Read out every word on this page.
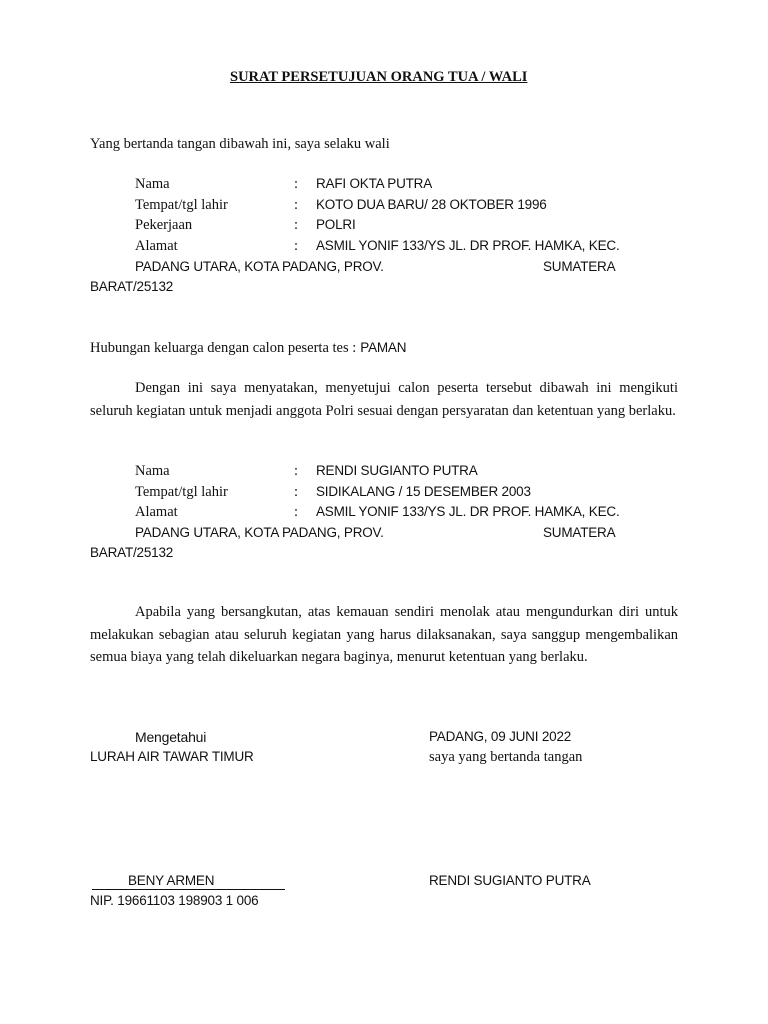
SURAT PERSETUJUAN ORANG TUA / WALI
Yang bertanda tangan dibawah ini, saya selaku wali
Nama	: RAFI OKTA PUTRA
Tempat/tgl lahir	: KOTO DUA BARU/ 28 OKTOBER 1996
Pekerjaan	: POLRI
Alamat	: ASMIL YONIF 133/YS JL. DR PROF. HAMKA, KEC.
PADANG UTARA, KOTA PADANG, PROV.	SUMATERA
BARAT/25132
Hubungan keluarga dengan calon peserta tes : PAMAN
Dengan ini saya menyatakan, menyetujui calon peserta tersebut dibawah ini mengikuti seluruh kegiatan untuk menjadi anggota Polri sesuai dengan persyaratan dan ketentuan yang berlaku.
Nama	: RENDI SUGIANTO PUTRA
Tempat/tgl lahir	: SIDIKALANG / 15 DESEMBER 2003
Alamat	: ASMIL YONIF 133/YS JL. DR PROF. HAMKA, KEC.
PADANG UTARA, KOTA PADANG, PROV.	SUMATERA
BARAT/25132
Apabila yang bersangkutan, atas kemauan sendiri menolak atau mengundurkan diri untuk melakukan sebagian atau seluruh kegiatan yang harus dilaksanakan, saya sanggup mengembalikan semua biaya yang telah dikeluarkan negara baginya, menurut ketentuan yang berlaku.
Mengetahui
LURAH AIR TAWAR TIMUR
PADANG, 09 JUNI 2022
saya yang bertanda tangan
BENY ARMEN
NIP. 19661103 198903 1 006
RENDI SUGIANTO PUTRA
